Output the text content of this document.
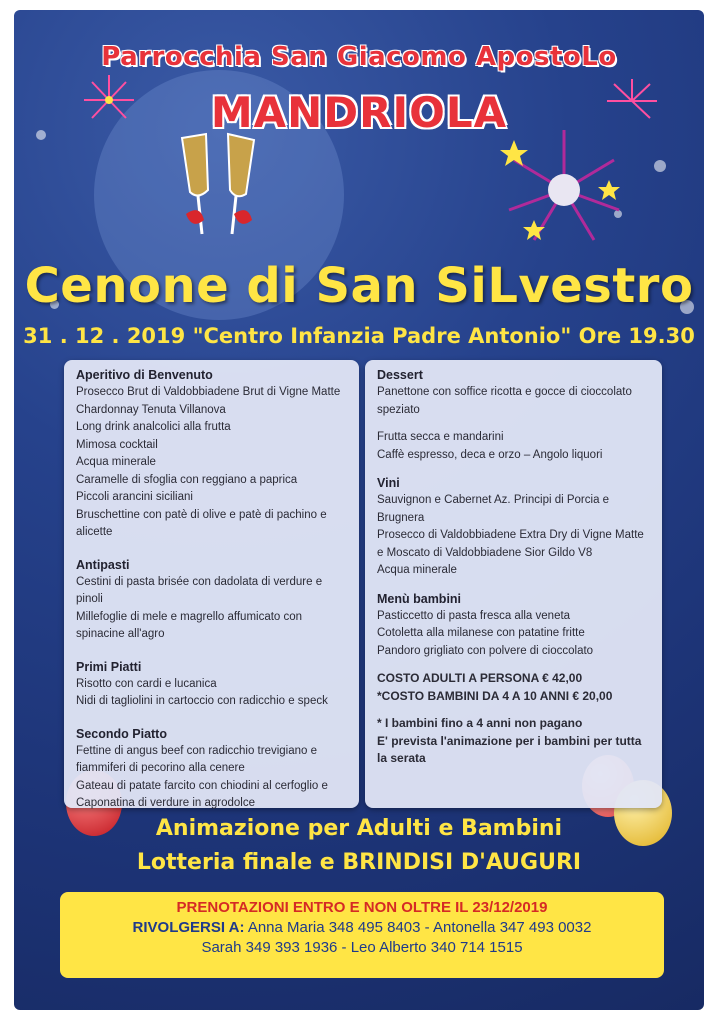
Parrocchia San Giacomo ApostoLo
MANDRIOLA
Cenone di San SiLvestro
31 . 12 . 2019 "Centro Infanzia Padre Antonio" Ore 19.30

Aperitivo di Benvenuto

Prosecco Brut di Valdobbiadene Brut di Vigne Matte

Chardonnay Tenuta Villanova

Long drink analcolici alla frutta

Mimosa cocktail

Acqua minerale

Caramelle di sfoglia con reggiano a paprica

Piccoli arancini siciliani

Bruschettine con patè di olive e patè di pachino e alicette

Antipasti

Cestini di pasta brisée con dadolata di verdure e pinoli

Millefoglie di mele e magrello affumicato con spinacine all'agro

Primi Piatti

Risotto con cardi e lucanica

Nidi di tagliolini in cartoccio con radicchio e speck

Secondo Piatto

Fettine di angus beef con radicchio trevigiano e fiammiferi di pecorino alla cenere

Gateau di patate farcito con chiodini al cerfoglio e Caponatina di verdure in agrodolce

Dessert

Panettone con soffice ricotta e gocce di cioccolato speziato

Frutta secca e mandarini

Caffè espresso, deca e orzo – Angolo liquori

Vini

Sauvignon e Cabernet Az. Principi di Porcia e Brugnera

Prosecco di Valdobbiadene Extra Dry di Vigne Matte e Moscato di Valdobbiadene Sior Gildo V8

Acqua minerale

Menù bambini

Pasticcetto di pasta fresca alla veneta

Cotoletta alla milanese con patatine fritte

Pandoro grigliato con polvere di cioccolato

COSTO ADULTI A PERSONA € 42,00

*COSTO BAMBINI DA 4 A 10 ANNI € 20,00

* I bambini fino a 4 anni non pagano

E' prevista l'animazione per i bambini per tutta la serata

Animazione per Adulti e Bambini
Lotteria finale e BRINDISI D'AUGURI
PRENOTAZIONI ENTRO E NON OLTRE IL 23/12/2019
RIVOLGERSI A: Anna Maria 348 495 8403 - Antonella 347 493 0032
Sarah 349 393 1936 - Leo Alberto 340 714 1515
